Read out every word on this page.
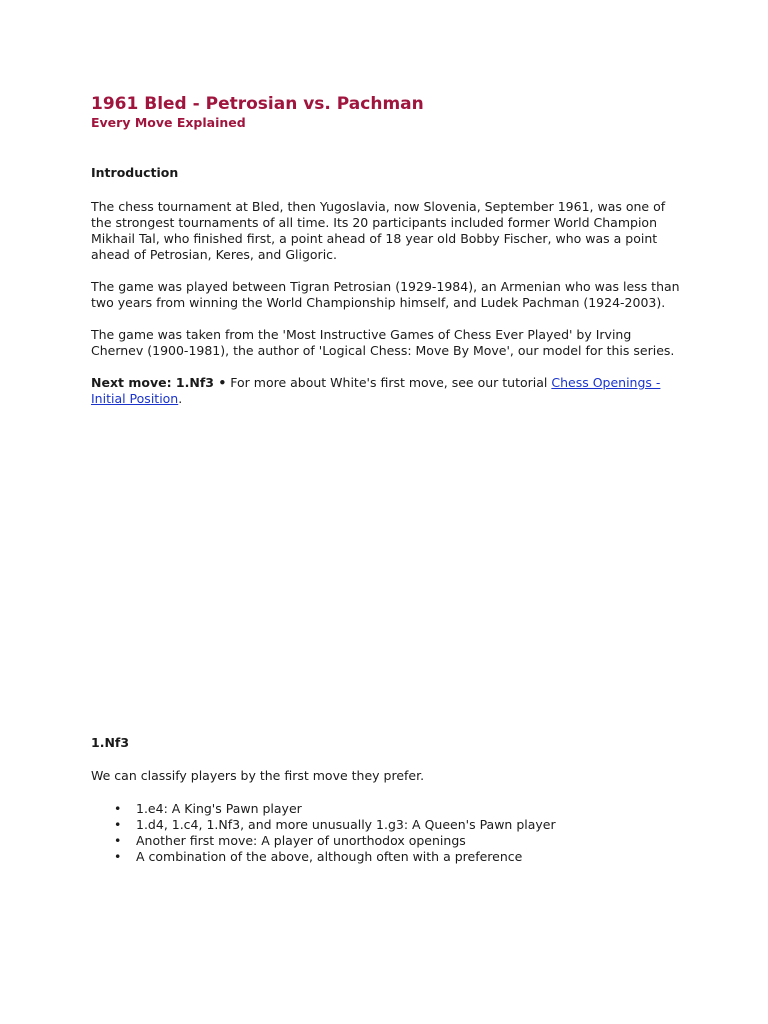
1961 Bled - Petrosian vs. Pachman
Every Move Explained
Introduction

The chess tournament at Bled, then Yugoslavia, now Slovenia, September 1961, was one of the strongest tournaments of all time. Its 20 participants included former World Champion Mikhail Tal, who finished first, a point ahead of 18 year old Bobby Fischer, who was a point ahead of Petrosian, Keres, and Gligoric.

The game was played between Tigran Petrosian (1929-1984), an Armenian who was less than two years from winning the World Championship himself, and Ludek Pachman (1924-2003).

The game was taken from the 'Most Instructive Games of Chess Ever Played' by Irving Chernev (1900-1981), the author of 'Logical Chess: Move By Move', our model for this series.

Next move: 1.Nf3 • For more about White's first move, see our tutorial Chess Openings - Initial Position.

1.Nf3

We can classify players by the first move they prefer.

• 1.e4: A King's Pawn player
• 1.d4, 1.c4, 1.Nf3, and more unusually 1.g3: A Queen's Pawn player
• Another first move: A player of unorthodox openings
• A combination of the above, although often with a preference
